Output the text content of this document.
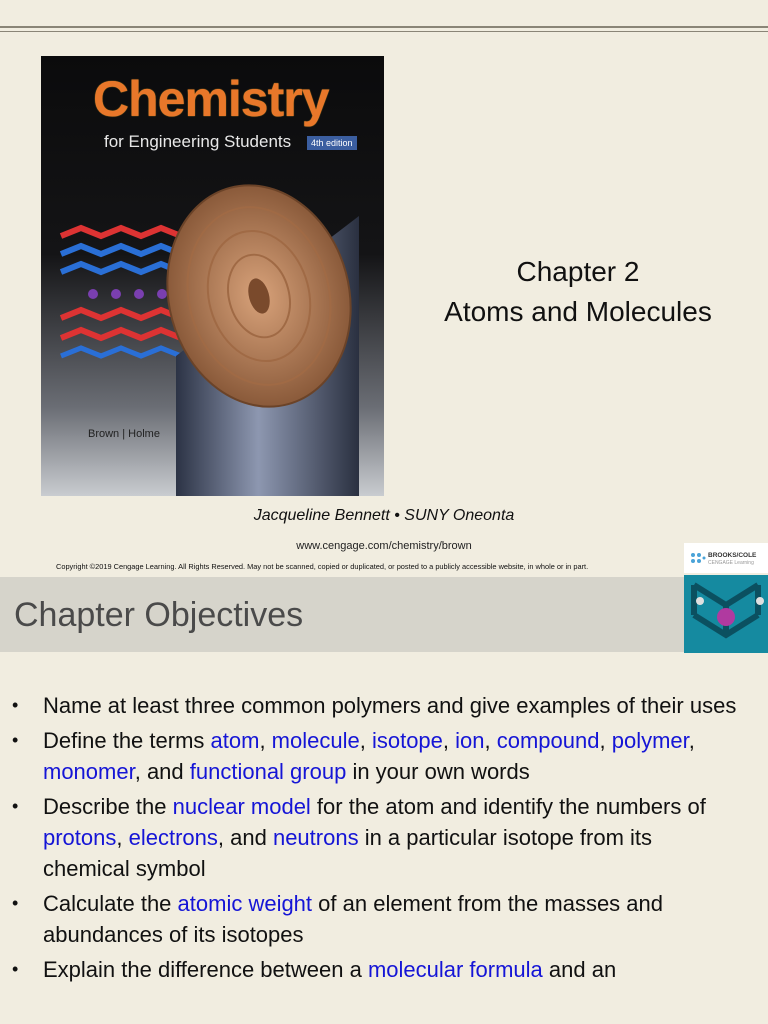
Chemistry
for Engineering Students	4th edition
Brown | Holme
Chapter 2
Atoms and Molecules
Jacqueline Bennett • SUNY Oneonta
www.cengage.com/chemistry/brown
Copyright ©2019 Cengage Learning. All Rights Reserved. May not be scanned, copied or duplicated, or posted to a publicly accessible website, in whole or in part.
BROOKS/COLE
CENGAGE Learning
Chapter Objectives
• Name at least three common polymers and give examples of their uses
• Define the terms atom, molecule, isotope, ion, compound, polymer, monomer, and functional group in your own words
• Describe the nuclear model for the atom and identify the numbers of protons, electrons, and neutrons in a particular isotope from its chemical symbol
• Calculate the atomic weight of an element from the masses and abundances of its isotopes
• Explain the difference between a molecular formula and an
